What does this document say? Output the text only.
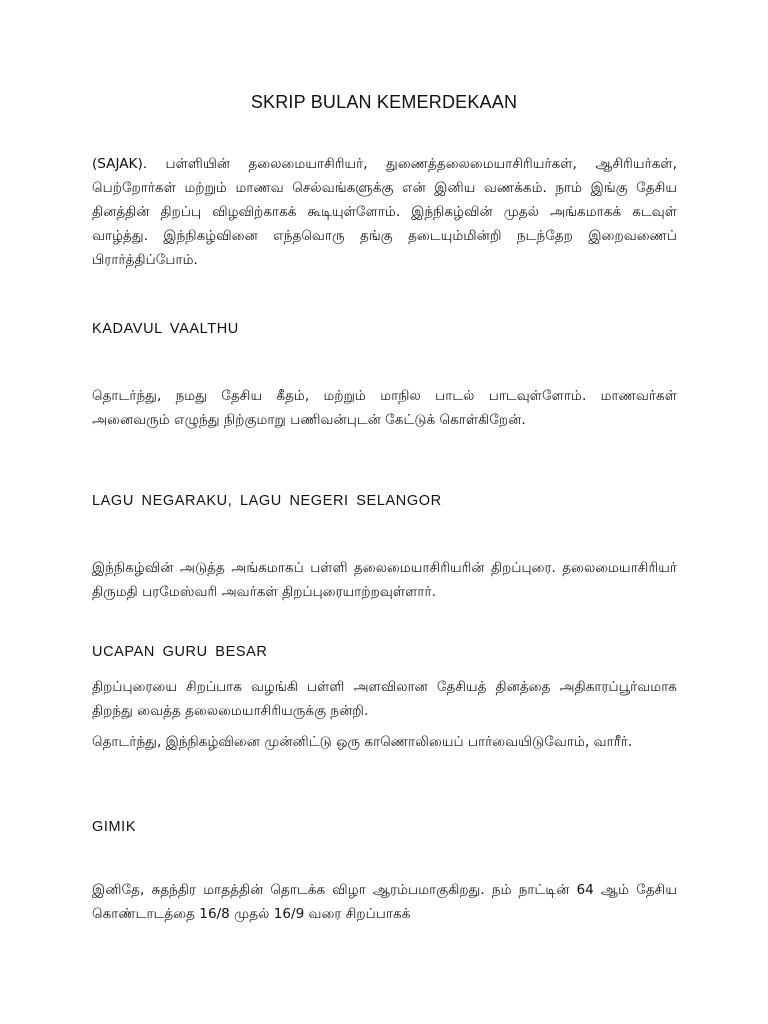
SKRIP BULAN KEMERDEKAAN
(SAJAK). பள்ளியின் தலைமையாசிரியர், துணைத்தலைமையாசிரியர்கள், ஆசிரியர்கள், பெற்றோர்கள் மற்றும் மாணவ செல்வங்களுக்கு என் இனிய வணக்கம். நாம் இங்கு தேசிய தினத்தின் திறப்பு விழவிற்காகக் கூடியுள்ளோம். இந்நிகழ்வின் முதல் அங்கமாகக் கடவுள் வாழ்த்து. இந்நிகழ்வினை எந்தவொரு தங்கு தடையும்மின்றி நடந்தேற இறைவணைப் பிரார்த்திப்போம்.
KADAVUL VAALTHU
தொடர்ந்து, நமது தேசிய கீதம், மற்றும் மாநில பாடல் பாடவுள்ளோம். மாணவர்கள் அனைவரும் எழுந்து நிற்குமாறு பணிவன்புடன் கேட்டுக் கொள்கிறேன்.
LAGU NEGARAKU, LAGU NEGERI SELANGOR
இந்நிகழ்வின் அடுத்த அங்கமாகப் பள்ளி தலைமையாசிரியரின் திறப்புரை. தலைமையாசிரியர் திருமதி பரமேஸ்வரி அவர்கள் திறப்புரையாற்றவுள்ளார்.
UCAPAN GURU BESAR
திறப்புரையை சிறப்பாக வழங்கி பள்ளி அளவிலான தேசியத் தினத்தை அதிகாரப்பூர்வமாக திறந்து வைத்த தலைமையாசிரியருக்கு நன்றி.
தொடர்ந்து, இந்நிகழ்வினை முன்னிட்டு ஒரு காணொலியைப் பார்வையிடுவோம், வாரீர்.
GIMIK
இனிதே, சுதந்திர மாதத்தின் தொடக்க விழா ஆரம்பமாகுகிறது. நம் நாட்டின் 64 ஆம் தேசிய கொண்டாடத்தை 16/8 முதல் 16/9 வரை சிறப்பாகக்
